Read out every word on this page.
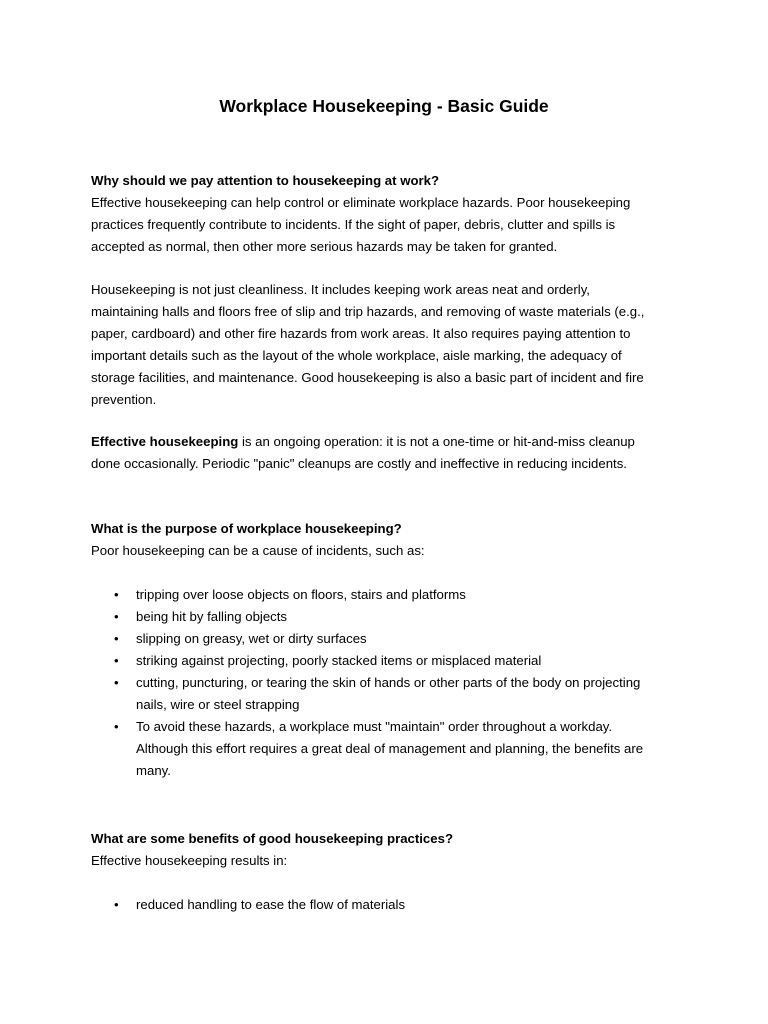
Workplace Housekeeping - Basic Guide

Why should we pay attention to housekeeping at work?

Effective housekeeping can help control or eliminate workplace hazards. Poor housekeeping

practices frequently contribute to incidents. If the sight of paper, debris, clutter and spills is

accepted as normal, then other more serious hazards may be taken for granted.

Housekeeping is not just cleanliness. It includes keeping work areas neat and orderly,

maintaining halls and floors free of slip and trip hazards, and removing of waste materials (e.g.,

paper, cardboard) and other fire hazards from work areas. It also requires paying attention to

important details such as the layout of the whole workplace, aisle marking, the adequacy of

storage facilities, and maintenance. Good housekeeping is also a basic part of incident and fire

prevention.

Effective housekeeping is an ongoing operation: it is not a one-time or hit-and-miss cleanup

done occasionally. Periodic "panic" cleanups are costly and ineffective in reducing incidents.

What is the purpose of workplace housekeeping?

Poor housekeeping can be a cause of incidents, such as:

• tripping over loose objects on floors, stairs and platforms
• being hit by falling objects
• slipping on greasy, wet or dirty surfaces
• striking against projecting, poorly stacked items or misplaced material
• cutting, puncturing, or tearing the skin of hands or other parts of the body on projecting
nails, wire or steel strapping
• To avoid these hazards, a workplace must "maintain" order throughout a workday.
Although this effort requires a great deal of management and planning, the benefits are
many.

What are some benefits of good housekeeping practices?

Effective housekeeping results in:

• reduced handling to ease the flow of materials
